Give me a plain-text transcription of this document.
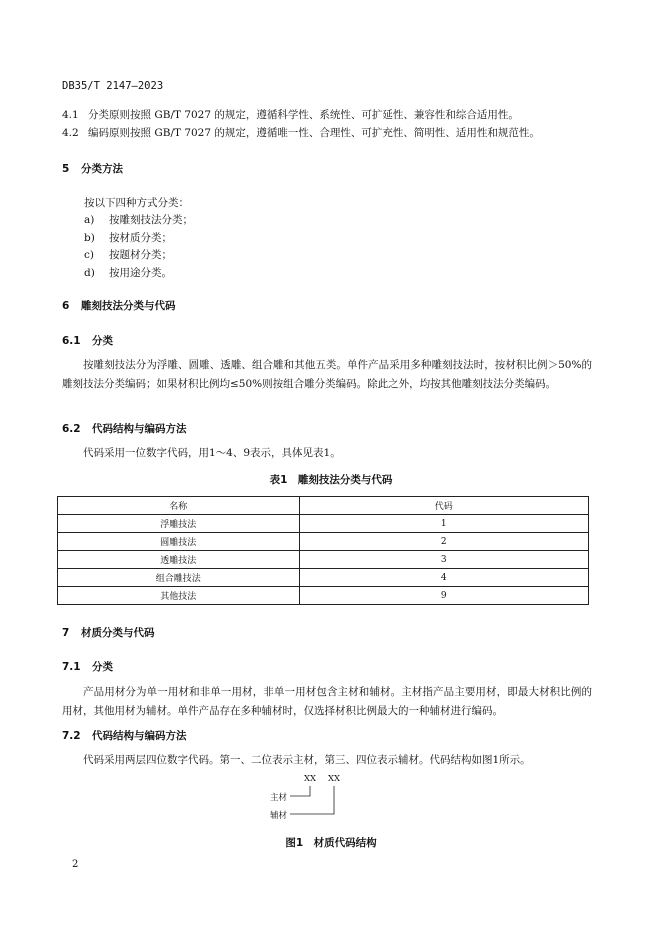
DB35/T 2147—2023
4.1 分类原则按照 GB/T 7027 的规定，遵循科学性、系统性、可扩延性、兼容性和综合适用性。
4.2 编码原则按照 GB/T 7027 的规定，遵循唯一性、合理性、可扩充性、简明性、适用性和规范性。
5 分类方法
按以下四种方式分类：
a) 按雕刻技法分类；
b) 按材质分类；
c) 按题材分类；
d) 按用途分类。
6 雕刻技法分类与代码
6.1 分类
按雕刻技法分为浮雕、圆雕、透雕、组合雕和其他五类。单件产品采用多种雕刻技法时，按材积比例＞50%的雕刻技法分类编码；如果材积比例均≤50%则按组合雕分类编码。除此之外，均按其他雕刻技法分类编码。
6.2 代码结构与编码方法
代码采用一位数字代码，用1～4、9表示，具体见表1。
表1　雕刻技法分类与代码
名称	代码
浮雕技法	1
圆雕技法	2
透雕技法	3
组合雕技法	4
其他技法	9
7 材质分类与代码
7.1 分类
产品用材分为单一用材和非单一用材，非单一用材包含主材和辅材。主材指产品主要用材，即最大材积比例的用材，其他用材为辅材。单件产品存在多种辅材时，仅选择材积比例最大的一种辅材进行编码。
7.2 代码结构与编码方法
代码采用两层四位数字代码。第一、二位表示主材，第三、四位表示辅材。代码结构如图1所示。
XX XX
主材
辅材
图1　材质代码结构
2
